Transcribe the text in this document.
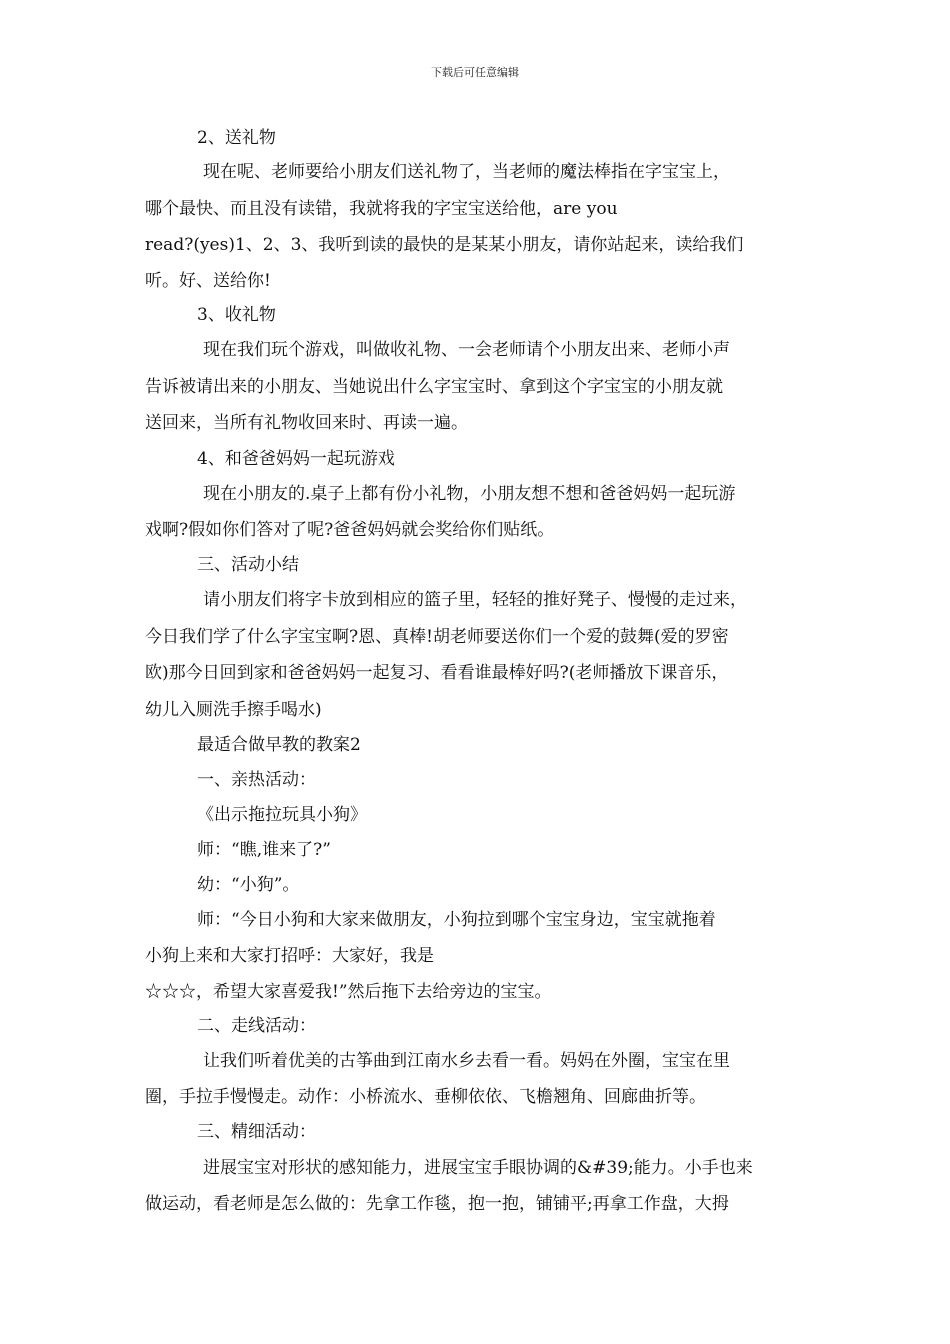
下载后可任意编辑
2、送礼物
现在呢、老师要给小朋友们送礼物了，当老师的魔法棒指在字宝宝上，
哪个最快、而且没有读错，我就将我的字宝宝送给他，are you
read?(yes)1、2、3、我听到读的最快的是某某小朋友，请你站起来，读给我们
听。好、送给你!
3、收礼物
现在我们玩个游戏，叫做收礼物、一会老师请个小朋友出来、老师小声
告诉被请出来的小朋友、当她说出什么字宝宝时、拿到这个字宝宝的小朋友就
送回来，当所有礼物收回来时、再读一遍。
4、和爸爸妈妈一起玩游戏
现在小朋友的.桌子上都有份小礼物，小朋友想不想和爸爸妈妈一起玩游
戏啊?假如你们答对了呢?爸爸妈妈就会奖给你们贴纸。
三、活动小结
请小朋友们将字卡放到相应的篮子里，轻轻的推好凳子、慢慢的走过来，
今日我们学了什么字宝宝啊?恩、真棒!胡老师要送你们一个爱的鼓舞(爱的罗密
欧)那今日回到家和爸爸妈妈一起复习、看看谁最棒好吗?(老师播放下课音乐，
幼儿入厕洗手擦手喝水)
最适合做早教的教案2
一、亲热活动：
《出示拖拉玩具小狗》
师：“瞧,谁来了?”
幼：“小狗”。
师：“今日小狗和大家来做朋友，小狗拉到哪个宝宝身边，宝宝就拖着
小狗上来和大家打招呼：大家好，我是
☆☆☆，希望大家喜爱我!”然后拖下去给旁边的宝宝。
二、走线活动：
让我们听着优美的古筝曲到江南水乡去看一看。妈妈在外圈，宝宝在里
圈，手拉手慢慢走。动作：小桥流水、垂柳依依、飞檐翘角、回廊曲折等。
三、精细活动：
进展宝宝对形状的感知能力，进展宝宝手眼协调的&#39;能力。小手也来
做运动，看老师是怎么做的：先拿工作毯，抱一抱，铺铺平;再拿工作盘，大拇
